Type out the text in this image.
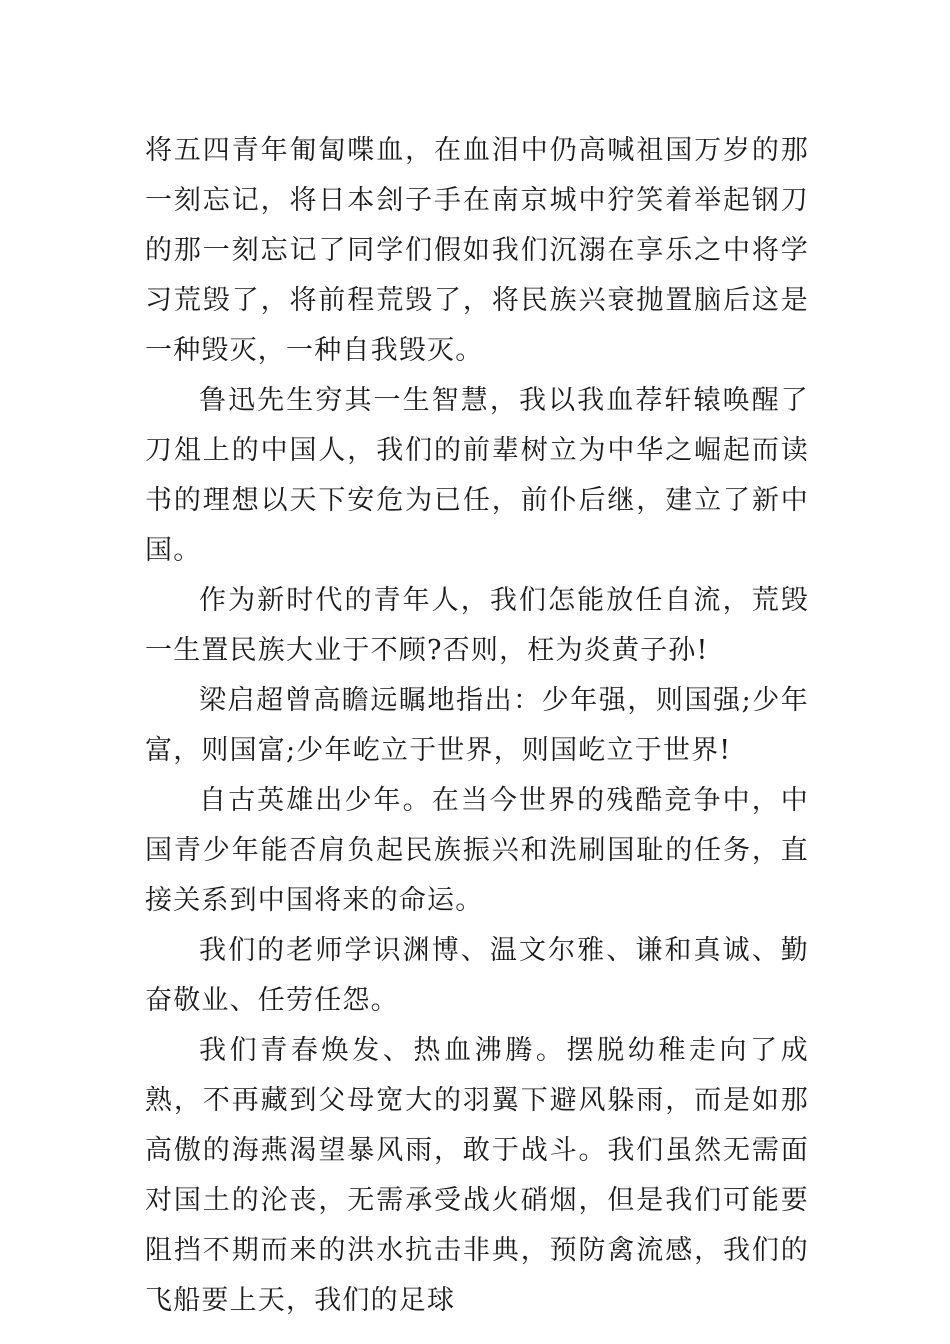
将五四青年匍匐喋血，在血泪中仍高喊祖国万岁的那一刻忘记，将日本刽子手在南京城中狞笑着举起钢刀的那一刻忘记了同学们假如我们沉溺在享乐之中将学习荒毁了，将前程荒毁了，将民族兴衰抛置脑后这是一种毁灭，一种自我毁灭。

鲁迅先生穷其一生智慧，我以我血荐轩辕唤醒了刀俎上的中国人，我们的前辈树立为中华之崛起而读书的理想以天下安危为已任，前仆后继，建立了新中国。

作为新时代的青年人，我们怎能放任自流，荒毁一生置民族大业于不顾?否则，枉为炎黄子孙!

梁启超曾高瞻远瞩地指出：少年强，则国强;少年富，则国富;少年屹立于世界，则国屹立于世界!

自古英雄出少年。在当今世界的残酷竞争中，中国青少年能否肩负起民族振兴和洗刷国耻的任务，直接关系到中国将来的命运。

我们的老师学识渊博、温文尔雅、谦和真诚、勤奋敬业、任劳任怨。

我们青春焕发、热血沸腾。摆脱幼稚走向了成熟，不再藏到父母宽大的羽翼下避风躲雨，而是如那高傲的海燕渴望暴风雨，敢于战斗。我们虽然无需面对国土的沦丧，无需承受战火硝烟，但是我们可能要阻挡不期而来的洪水抗击非典，预防禽流感，我们的飞船要上天，我们的足球
